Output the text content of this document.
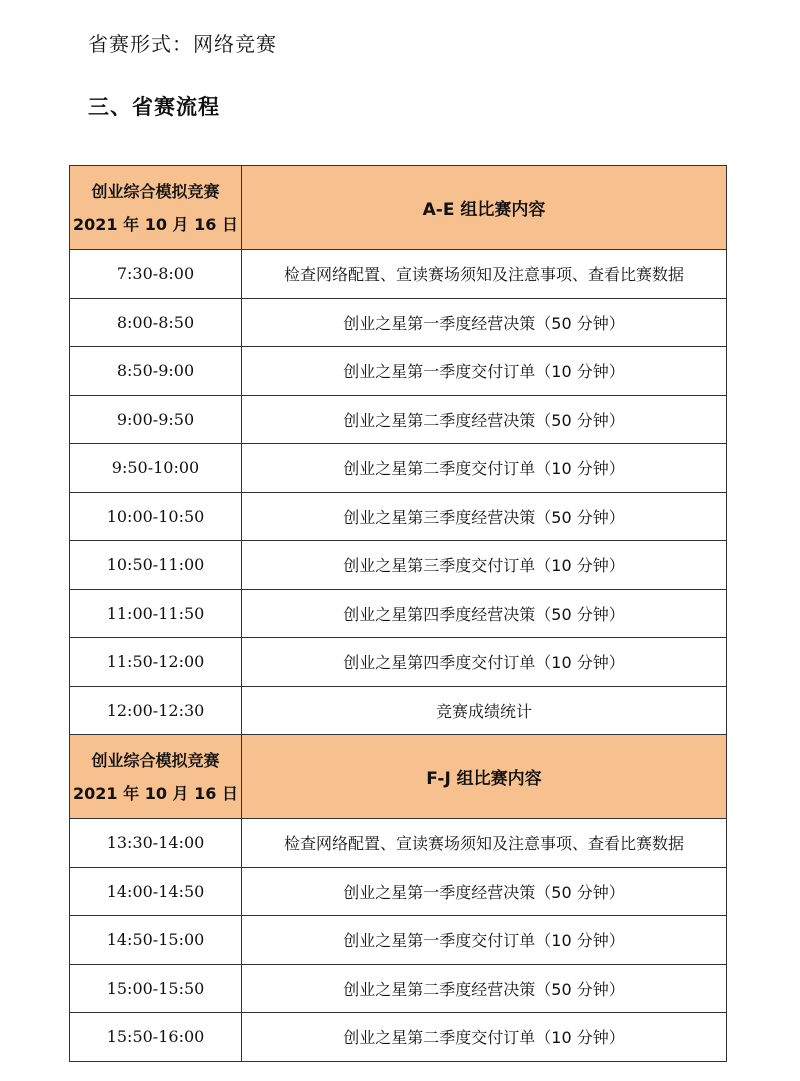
省赛形式：网络竞赛
三、省赛流程
创业综合模拟竞赛
2021 年 10 月 16 日	A-E 组比赛内容
7:30-8:00	检查网络配置、宣读赛场须知及注意事项、查看比赛数据
8:00-8:50	创业之星第一季度经营决策（50 分钟）
8:50-9:00	创业之星第一季度交付订单（10 分钟）
9:00-9:50	创业之星第二季度经营决策（50 分钟）
9:50-10:00	创业之星第二季度交付订单（10 分钟）
10:00-10:50	创业之星第三季度经营决策（50 分钟）
10:50-11:00	创业之星第三季度交付订单（10 分钟）
11:00-11:50	创业之星第四季度经营决策（50 分钟）
11:50-12:00	创业之星第四季度交付订单（10 分钟）
12:00-12:30	竞赛成绩统计

创业综合模拟竞赛
2021 年 10 月 16 日	F-J 组比赛内容
13:30-14:00	检查网络配置、宣读赛场须知及注意事项、查看比赛数据
14:00-14:50	创业之星第一季度经营决策（50 分钟）
14:50-15:00	创业之星第一季度交付订单（10 分钟）
15:00-15:50	创业之星第二季度经营决策（50 分钟）
15:50-16:00	创业之星第二季度交付订单（10 分钟）
